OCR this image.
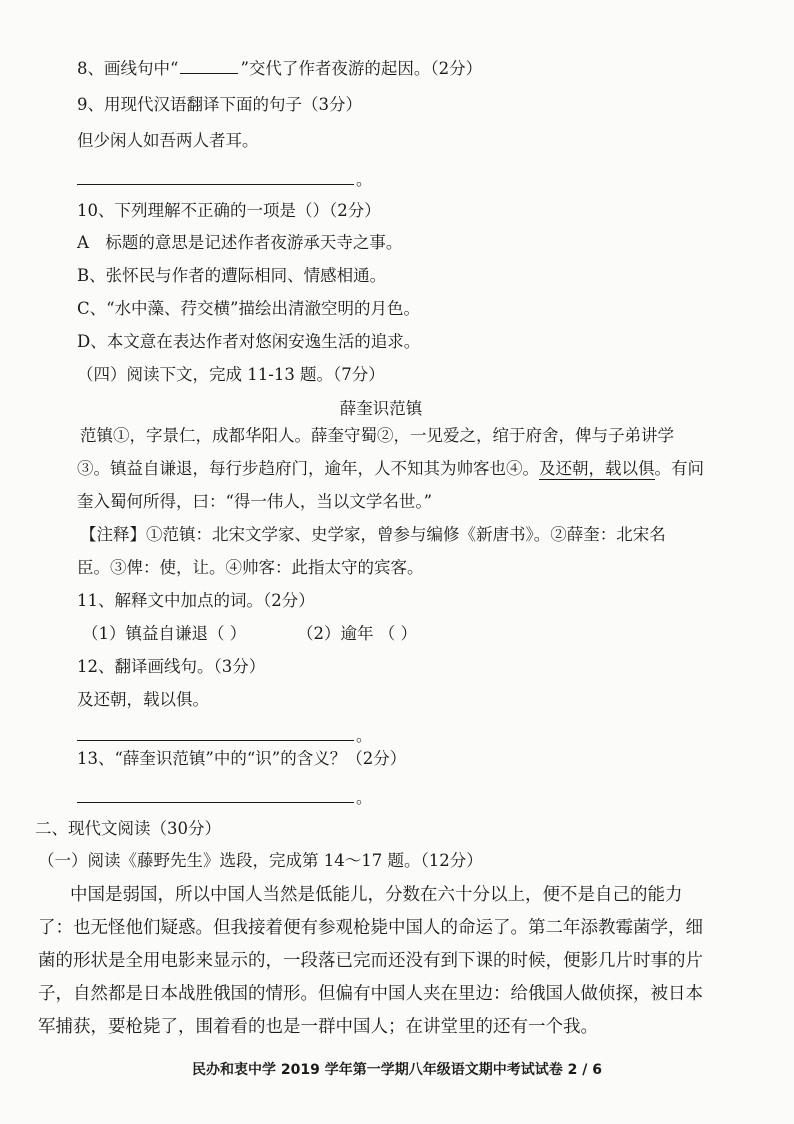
8、画线句中“	”交代了作者夜游的起因。（2分）
9、用现代汉语翻译下面的句子（3分）
但少闲人如吾两人者耳。
。
10、下列理解不正确的一项是（）（2分）
A　标题的意思是记述作者夜游承天寺之事。
B、张怀民与作者的遭际相同、情感相通。
C、“水中藻、荇交横”描绘出清澈空明的月色。
D、本文意在表达作者对悠闲安逸生活的追求。
（四）阅读下文，完成 11-13 题。（7分）
薛奎识范镇
范镇①，字景仁，成都华阳人。薛奎守蜀②，一见爱之，绾于府舍，俾与子弟讲学
③。镇益自谦退，每行步趋府门，逾年，人不知其为帅客也④。及还朝，载以俱。有问
奎入蜀何所得，曰：“得一伟人，当以文学名世。”
【注释】①范镇：北宋文学家、史学家，曾参与编修《新唐书》。②薛奎：北宋名
臣。③俾：使，让。④帅客：此指太守的宾客。
11、解释文中加点的词。（2分）
（1）镇益自谦退（ ）	（2）逾年 （ ）
12、翻译画线句。（3分）
及还朝，载以俱。
。
13、“薛奎识范镇”中的“识”的含义？（2分）
。
二、现代文阅读（30分）
（一）阅读《藤野先生》选段，完成第 14～17 题。（12分）
中国是弱国，所以中国人当然是低能儿，分数在六十分以上，便不是自己的能力
了：也无怪他们疑惑。但我接着便有参观枪毙中国人的命运了。第二年添教霉菌学，细
菌的形状是全用电影来显示的，一段落已完而还没有到下课的时候，便影几片时事的片
子，自然都是日本战胜俄国的情形。但偏有中国人夹在里边：给俄国人做侦探，被日本
军捕获，要枪毙了，围着看的也是一群中国人；在讲堂里的还有一个我。
民办和衷中学 2019 学年第一学期八年级语文期中考试试卷 2 / 6
